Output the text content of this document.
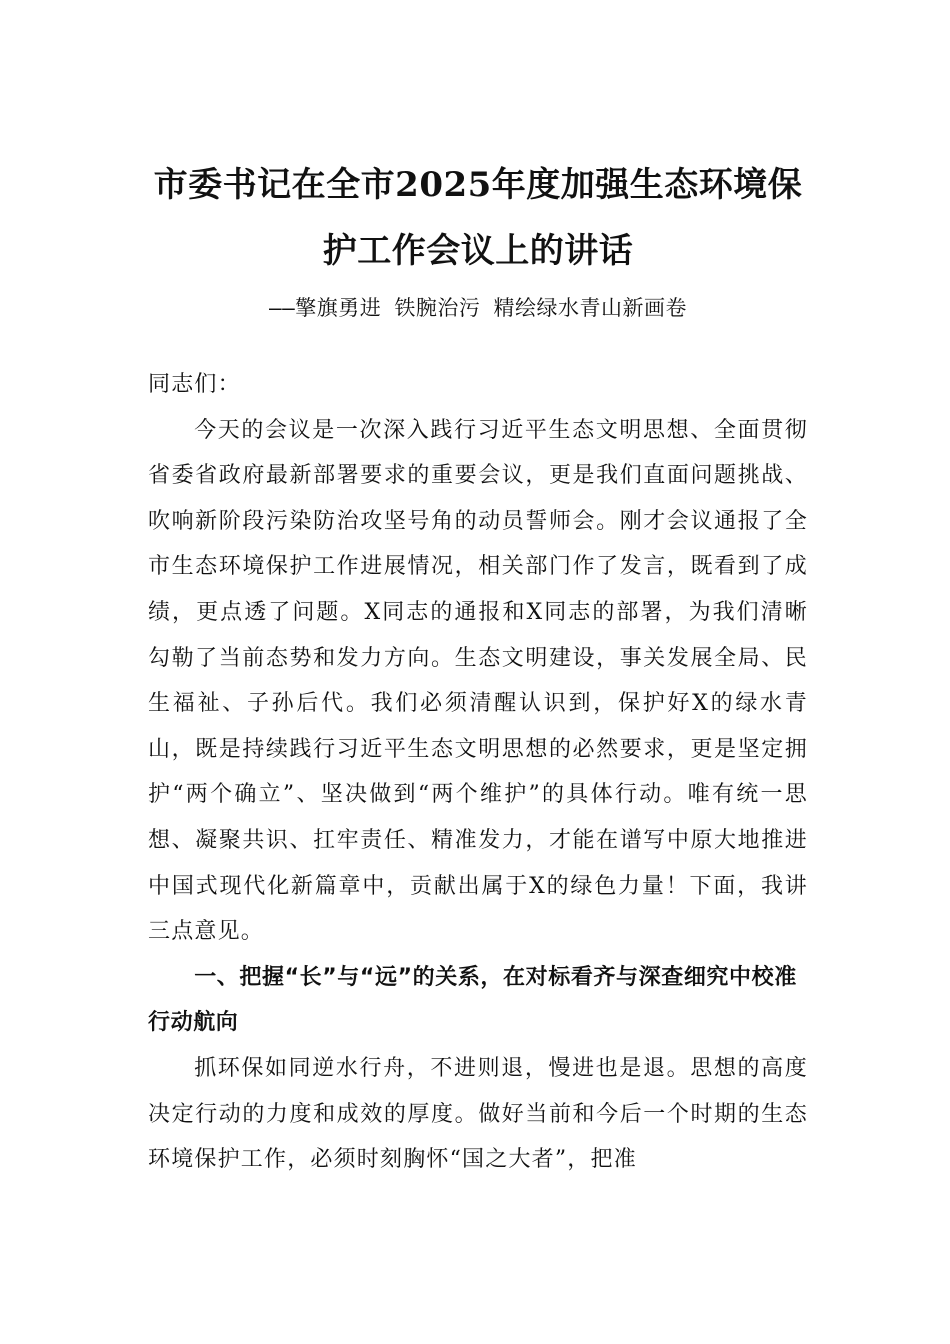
市委书记在全市2025年度加强生态环境保护工作会议上的讲话

——擎旗勇进 铁腕治污 精绘绿水青山新画卷

同志们：

今天的会议是一次深入践行习近平生态文明思想、全面贯彻省委省政府最新部署要求的重要会议，更是我们直面问题挑战、吹响新阶段污染防治攻坚号角的动员誓师会。刚才会议通报了全市生态环境保护工作进展情况，相关部门作了发言，既看到了成绩，更点透了问题。X同志的通报和X同志的部署，为我们清晰勾勒了当前态势和发力方向。生态文明建设，事关发展全局、民生福祉、子孙后代。我们必须清醒认识到，保护好X的绿水青山，既是持续践行习近平生态文明思想的必然要求，更是坚定拥护“两个确立”、坚决做到“两个维护”的具体行动。唯有统一思想、凝聚共识、扛牢责任、精准发力，才能在谱写中原大地推进中国式现代化新篇章中，贡献出属于X的绿色力量！下面，我讲三点意见。

一、把握“长”与“远”的关系，在对标看齐与深查细究中校准行动航向

抓环保如同逆水行舟，不进则退，慢进也是退。思想的高度决定行动的力度和成效的厚度。做好当前和今后一个时期的生态环境保护工作，必须时刻胸怀“国之大者”，把准
